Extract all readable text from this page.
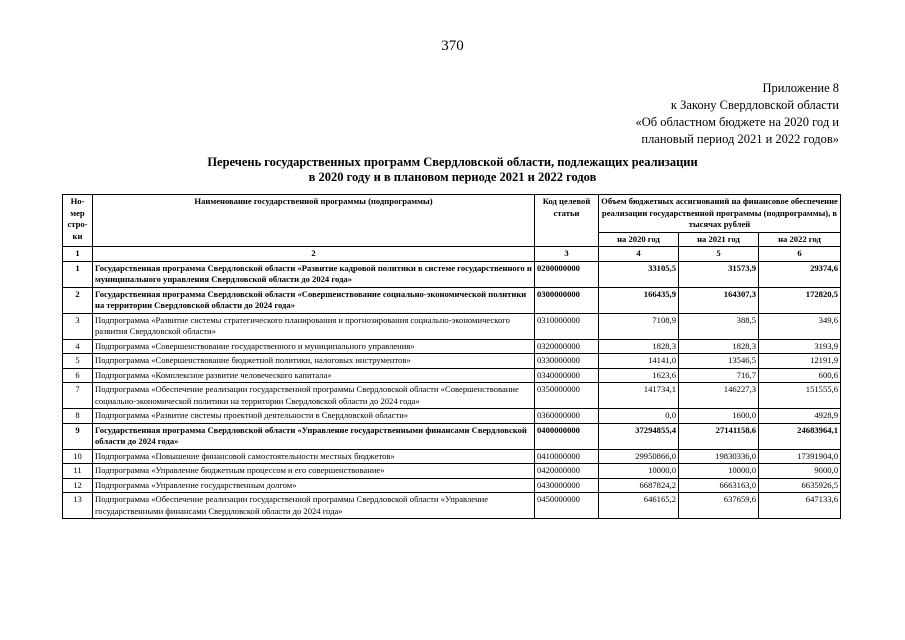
370
Приложение 8
к Закону Свердловской области
«Об областном бюджете на 2020 год и
плановый период 2021 и 2022 годов»
Перечень государственных программ Свердловской области, подлежащих реализации
в 2020 году и в плановом периоде 2021 и 2022 годов
Но-мер стро-ки	Наименование государственной программы (подпрограммы)	Код целевой статьи	Объем бюджетных ассигнований на финансовое обеспечение реализации государственной программы (подпрограммы), в тысячах рублей		
			на 2020 год	на 2021 год	на 2022 год
1	2	3	4	5	6
1	Государственная программа Свердловской области «Развитие кадровой политики в системе государственного и муниципального управления Свердловской области до 2024 года»	0200000000	33105,5	31573,9	29374,6
2	Государственная программа Свердловской области «Совершенствование социально-экономической политики на территории Свердловской области до 2024 года»	0300000000	166435,9	164307,3	172820,5
3	Подпрограмма «Развитие системы стратегического планирования и прогнозирования социально-экономического развития Свердловской области»	0310000000	7108,9	388,5	349,6
4	Подпрограмма «Совершенствование государственного и муниципального управления»	0320000000	1828,3	1828,3	3193,9
5	Подпрограмма «Совершенствование бюджетной политики, налоговых инструментов»	0330000000	14141,0	13546,5	12191,9
6	Подпрограмма «Комплексное развитие человеческого капитала»	0340000000	1623,6	716,7	600,6
7	Подпрограмма «Обеспечение реализации государственной программы Свердловской области «Совершенствование социально-экономической политики на территории Свердловской области до 2024 года»	0350000000	141734,1	146227,3	151555,6
8	Подпрограмма «Развитие системы проектной деятельности в Свердловской области»	0360000000	0,0	1600,0	4928,9
9	Государственная программа Свердловской области «Управление государственными финансами Свердловской области до 2024 года»	0400000000	37294855,4	27141158,6	24683964,1
10	Подпрограмма «Повышение финансовой самостоятельности местных бюджетов»	0410000000	29950866,0	19830336,0	17391904,0
11	Подпрограмма «Управление бюджетным процессом и его совершенствование»	0420000000	10000,0	10000,0	9000,0
12	Подпрограмма «Управление государственным долгом»	0430000000	6687824,2	6663163,0	6635926,5
13	Подпрограмма «Обеспечение реализации государственной программы Свердловской области «Управление государственными финансами Свердловской области до 2024 года»	0450000000	646165,2	637659,6	647133,6
